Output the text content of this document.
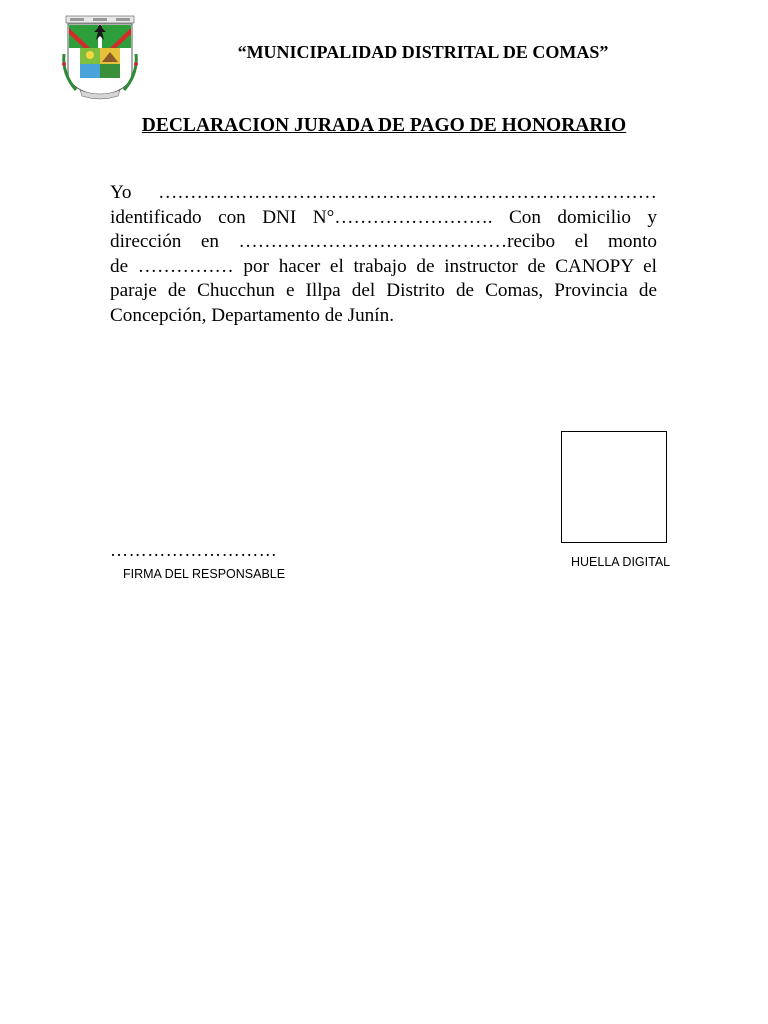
“MUNICIPALIDAD DISTRITAL DE COMAS”
DECLARACION JURADA DE PAGO DE HONORARIO
Yo ……………………………………………………………………
identificado con DNI N°……………………. Con domicilio y
dirección en ……………………………………recibo el monto
de …………… por hacer el trabajo de instructor de CANOPY el
paraje de Chucchun e Illpa del Distrito de Comas, Provincia de
Concepción, Departamento de Junín.
HUELLA DIGITAL
………………………
FIRMA DEL RESPONSABLE
